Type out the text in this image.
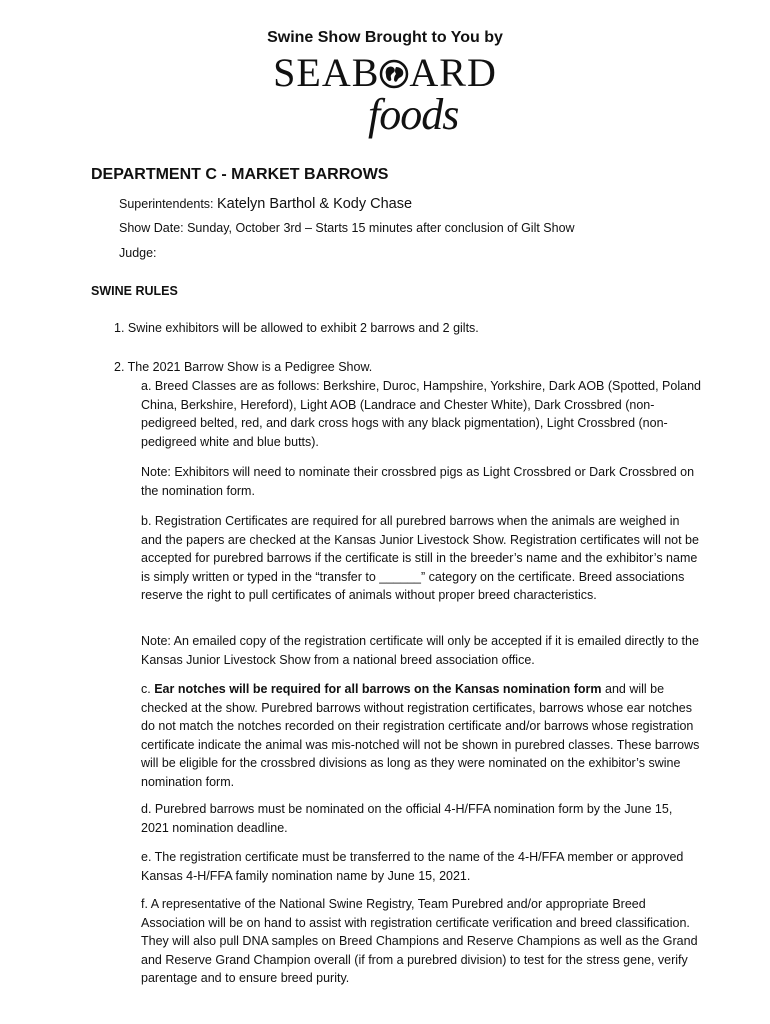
Swine Show Brought to You by
SEAB ARD
foods
DEPARTMENT C - MARKET BARROWS
Superintendents: Katelyn Barthol & Kody Chase
Show Date: Sunday, October 3rd – Starts 15 minutes after conclusion of Gilt Show
Judge:
SWINE RULES
1. Swine exhibitors will be allowed to exhibit 2 barrows and 2 gilts.
2. The 2021 Barrow Show is a Pedigree Show.
a. Breed Classes are as follows: Berkshire, Duroc, Hampshire, Yorkshire, Dark AOB (Spotted, Poland China, Berkshire, Hereford), Light AOB (Landrace and Chester White), Dark Crossbred (non-pedigreed belted, red, and dark cross hogs with any black pigmentation), Light Crossbred (non-pedigreed white and blue butts).
Note: Exhibitors will need to nominate their crossbred pigs as Light Crossbred or Dark Crossbred on the nomination form.
b. Registration Certificates are required for all purebred barrows when the animals are weighed in and the papers are checked at the Kansas Junior Livestock Show. Registration certificates will not be accepted for purebred barrows if the certificate is still in the breeder’s name and the exhibitor’s name is simply written or typed in the “transfer to ______” category on the certificate. Breed associations reserve the right to pull certificates of animals without proper breed characteristics.
Note: An emailed copy of the registration certificate will only be accepted if it is emailed directly to the Kansas Junior Livestock Show from a national breed association office.
c. Ear notches will be required for all barrows on the Kansas nomination form and will be checked at the show. Purebred barrows without registration certificates, barrows whose ear notches do not match the notches recorded on their registration certificate and/or barrows whose registration certificate indicate the animal was mis-notched will not be shown in purebred classes. These barrows will be eligible for the crossbred divisions as long as they were nominated on the exhibitor’s swine nomination form.
d. Purebred barrows must be nominated on the official 4-H/FFA nomination form by the June 15, 2021 nomination deadline.
e. The registration certificate must be transferred to the name of the 4-H/FFA member or approved Kansas 4-H/FFA family nomination name by June 15, 2021.
f. A representative of the National Swine Registry, Team Purebred and/or appropriate Breed Association will be on hand to assist with registration certificate verification and breed classification. They will also pull DNA samples on Breed Champions and Reserve Champions as well as the Grand and Reserve Grand Champion overall (if from a purebred division) to test for the stress gene, verify parentage and to ensure breed purity.
